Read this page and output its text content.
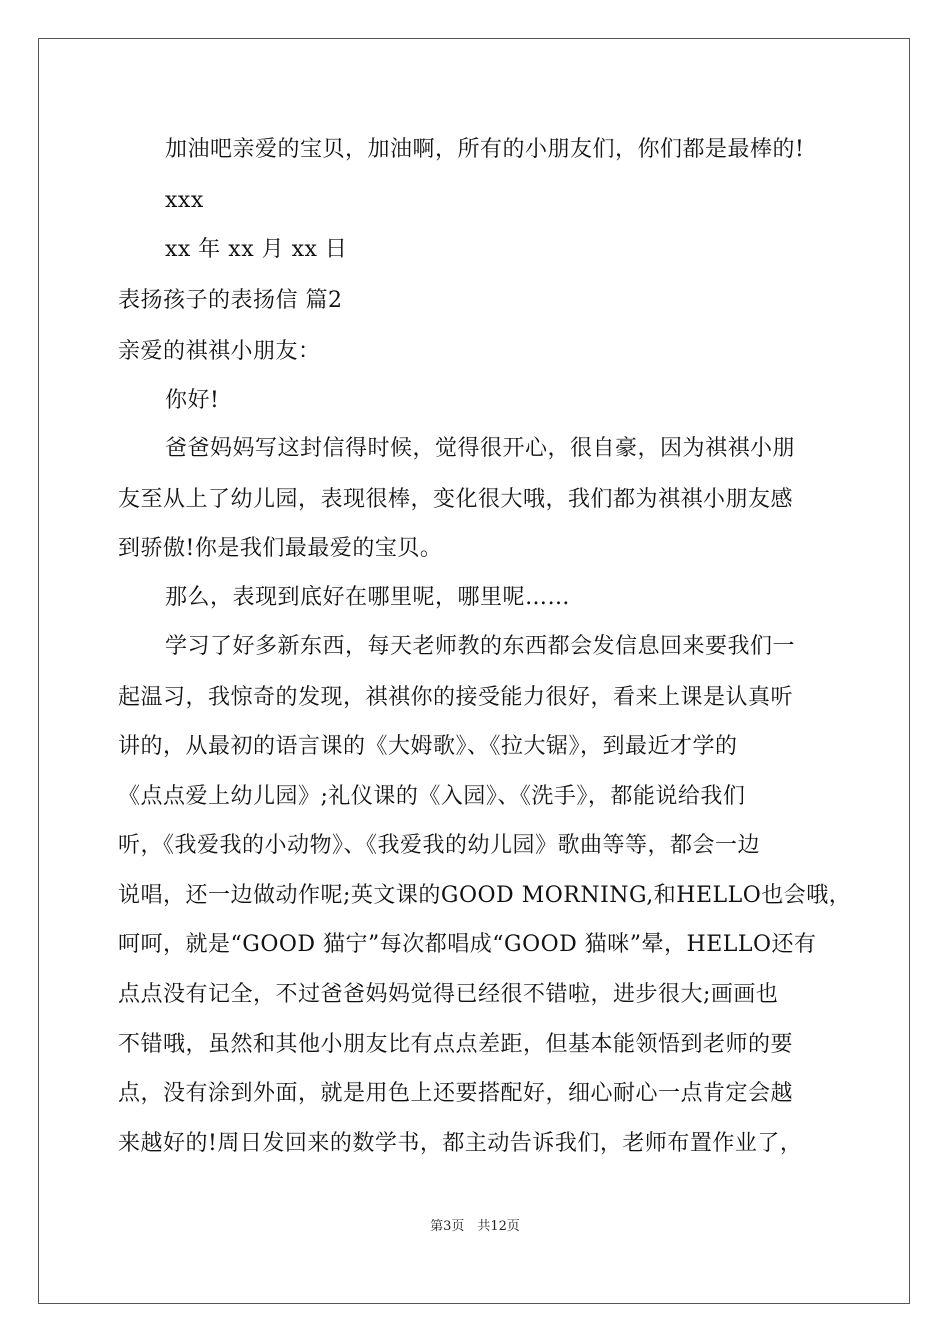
加油吧亲爱的宝贝，加油啊，所有的小朋友们，你们都是最棒的!
xxx
xx 年 xx 月 xx 日
表扬孩子的表扬信 篇2
亲爱的祺祺小朋友：
你好!
爸爸妈妈写这封信得时候，觉得很开心，很自豪，因为祺祺小朋
友至从上了幼儿园，表现很棒，变化很大哦，我们都为祺祺小朋友感
到骄傲!你是我们最最爱的宝贝。
那么，表现到底好在哪里呢，哪里呢……
学习了好多新东西，每天老师教的东西都会发信息回来要我们一
起温习，我惊奇的发现，祺祺你的接受能力很好，看来上课是认真听
讲的，从最初的语言课的《大姆歌》、《拉大锯》，到最近才学的
《点点爱上幼儿园》;礼仪课的《入园》、《洗手》，都能说给我们
听，《我爱我的小动物》、《我爱我的幼儿园》歌曲等等，都会一边
说唱，还一边做动作呢;英文课的GOOD MORNING,和HELLO也会哦，
呵呵，就是“GOOD 猫宁”每次都唱成“GOOD 猫咪”晕，HELLO还有
点点没有记全，不过爸爸妈妈觉得已经很不错啦，进步很大;画画也
不错哦，虽然和其他小朋友比有点点差距，但基本能领悟到老师的要
点，没有涂到外面，就是用色上还要搭配好，细心耐心一点肯定会越
来越好的!周日发回来的数学书，都主动告诉我们，老师布置作业了，
第3页　共12页
